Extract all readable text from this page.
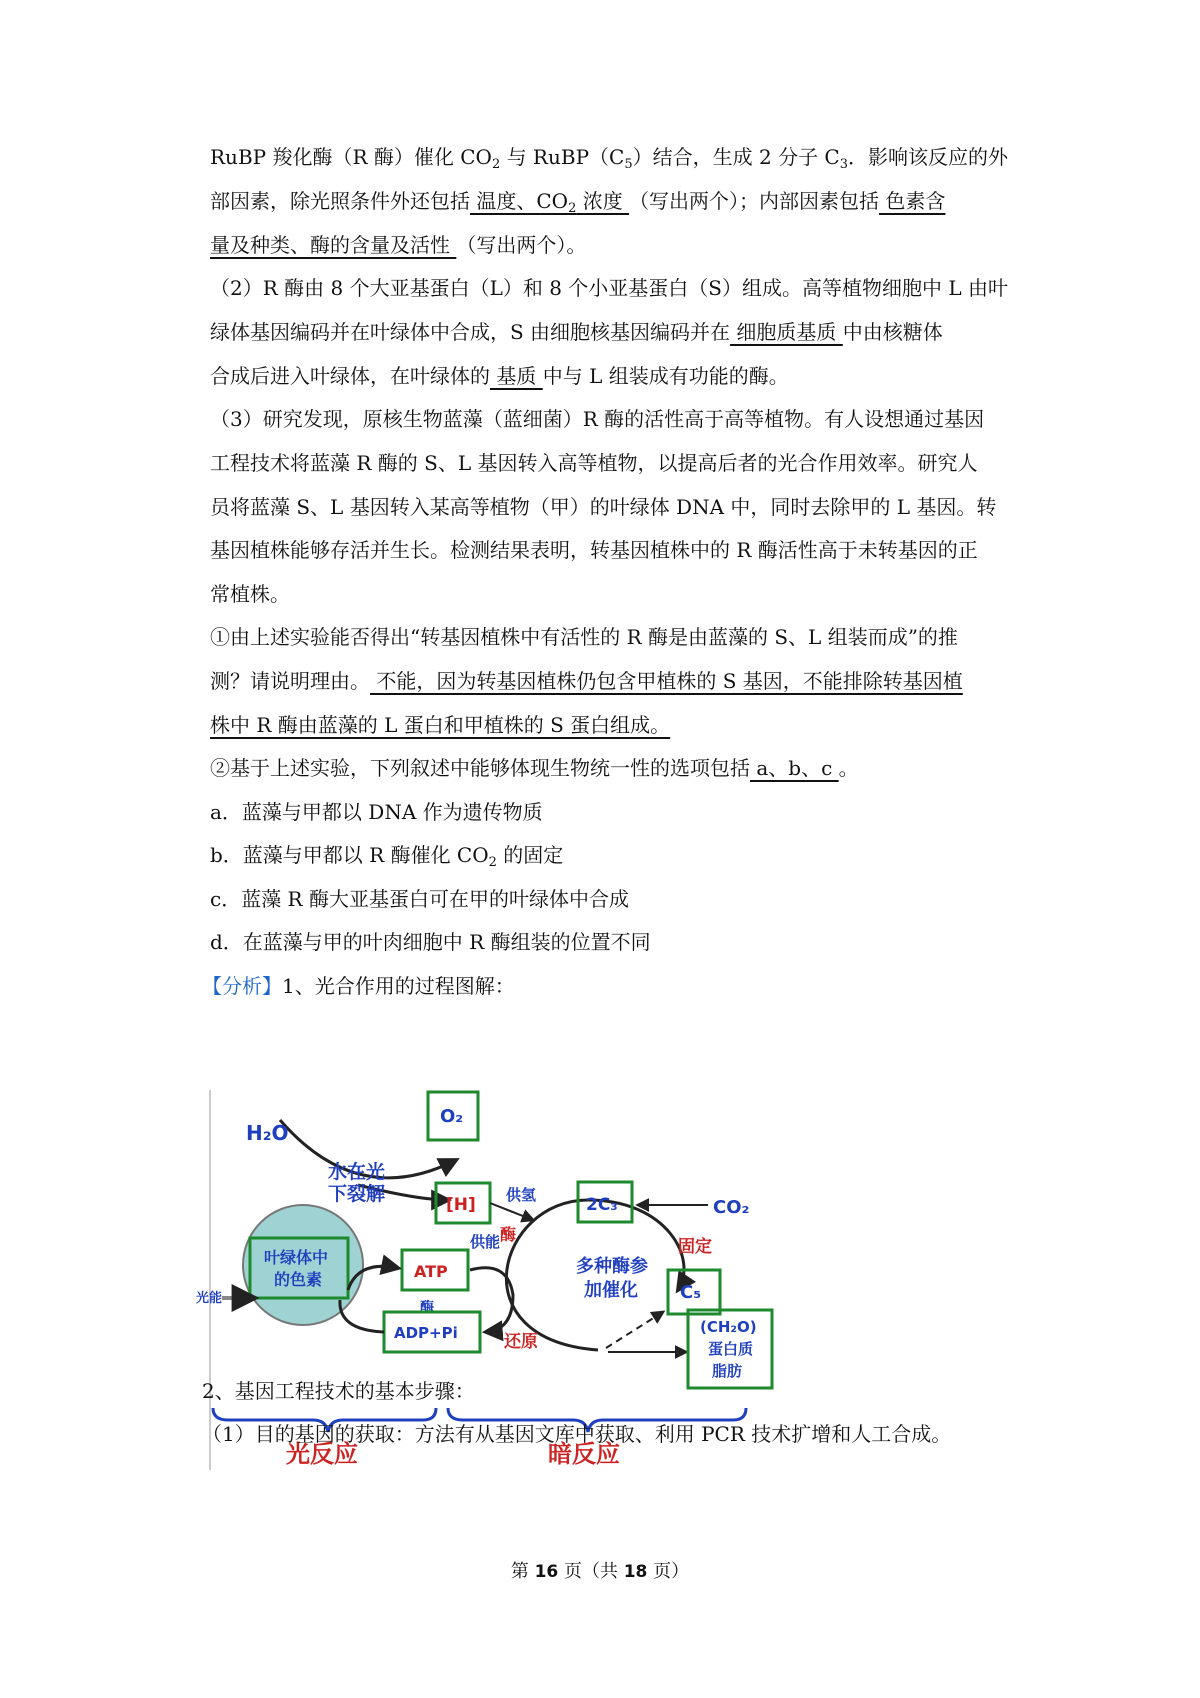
RuBP 羧化酶（R 酶）催化 $CO_2$ 与 $RuBP(C_5)$结合，生成 2 分子 $C_3$．影响该反应的外
部因素，除光照条件外还包括 温度、$CO_2$ 浓度 （写出两个）；内部因素包括 色素含
量及种类、酶的含量及活性 （写出两个）。
（2）R 酶由 8 个大亚基蛋白（L）和 8 个小亚基蛋白（S）组成。高等植物细胞中 L 由叶
绿体基因编码并在叶绿体中合成，S 由细胞核基因编码并在 细胞质基质 中由核糖体
合成后进入叶绿体，在叶绿体的 基质 中与 L 组装成有功能的酶。
（3）研究发现，原核生物蓝藻（蓝细菌）R 酶的活性高于高等植物。有人设想通过基因
工程技术将蓝藻 R 酶的 S、L 基因转入高等植物，以提高后者的光合作用效率。研究人
员将蓝藻 S、L 基因转入某高等植物（甲）的叶绿体 DNA 中，同时去除甲的 L 基因。转
基因植株能够存活并生长。检测结果表明，转基因植株中的 R 酶活性高于未转基因的正
常植株。
①由上述实验能否得出“转基因植株中有活性的 R 酶是由蓝藻的 S、L 组装而成”的推
测？请说明理由。 不能，因为转基因植株仍包含甲植株的 S 基因，不能排除转基因植
株中 R 酶由蓝藻的 L 蛋白和甲植株的 S 蛋白组成。
②基于上述实验，下列叙述中能够体现生物统一性的选项包括 a、b、c 。
a．蓝藻与甲都以 DNA 作为遗传物质
b．蓝藻与甲都以 R 酶催化 $CO_2$ 的固定
c．蓝藻 R 酶大亚基蛋白可在甲的叶绿体中合成
d．在蓝藻与甲的叶肉细胞中 R 酶组装的位置不同
【分析】1、光合作用的过程图解：
H₂O
O₂
水在光
下裂解	[H] 供氢
酶
叶绿体中
的色素
光能
ATP
酶
ADP+Pi
供能
2C₃	CO₂
固定
多种酶参
加催化 C₅
还原
(CH₂O)
蛋白质
脂肪
光反应	暗反应
2、基因工程技术的基本步骤：
（1）目的基因的获取：方法有从基因文库中获取、利用 PCR 技术扩增和人工合成。
第 16 页（共 18 页）
